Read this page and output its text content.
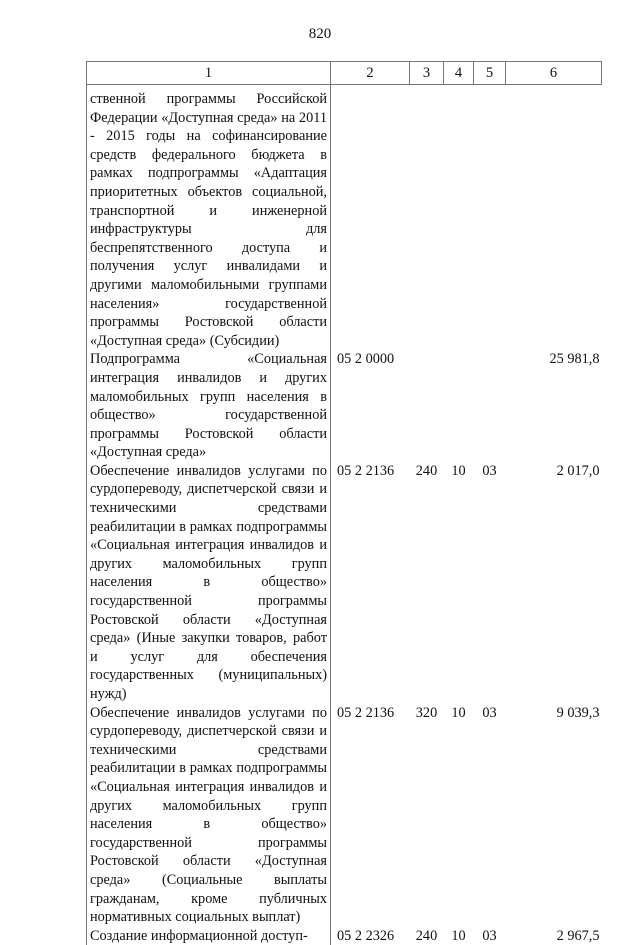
820
1	2	3	4	5	6
ственной программы Российской Федерации «Доступная среда» на 2011 - 2015 годы на софинансирование средств федерального бюджета в рамках подпрограммы «Адаптация приоритетных объектов социальной, транспортной и инженерной инфраструктуры для беспрепятственного доступа и получения услуг инвалидами и другими маломобильными группами населения» государственной программы Ростовской области «Доступная среда» (Субсидии)					
Подпрограмма «Социальная интеграция инвалидов и других маломобильных групп населения в общество» государственной программы Ростовской области «Доступная среда»	05 2 0000				25 981,8
Обеспечение инвалидов услугами по сурдопереводу, диспетчерской связи и техническими средствами реабилитации в рамках подпрограммы «Социальная интеграция инвалидов и других маломобильных групп населения в общество» государственной программы Ростовской области «Доступная среда» (Иные закупки товаров, работ и услуг для обеспечения государственных (муниципальных) нужд)	05 2 2136	240	10	03	2 017,0
Обеспечение инвалидов услугами по сурдопереводу, диспетчерской связи и техническими средствами реабилитации в рамках подпрограммы «Социальная интеграция инвалидов и других маломобильных групп населения в общество» государственной программы Ростовской области «Доступная среда» (Социальные выплаты гражданам, кроме публичных нормативных социальных выплат)	05 2 2136	320	10	03	9 039,3
Создание информационной доступ-	05 2 2326	240	10	03	2 967,5
